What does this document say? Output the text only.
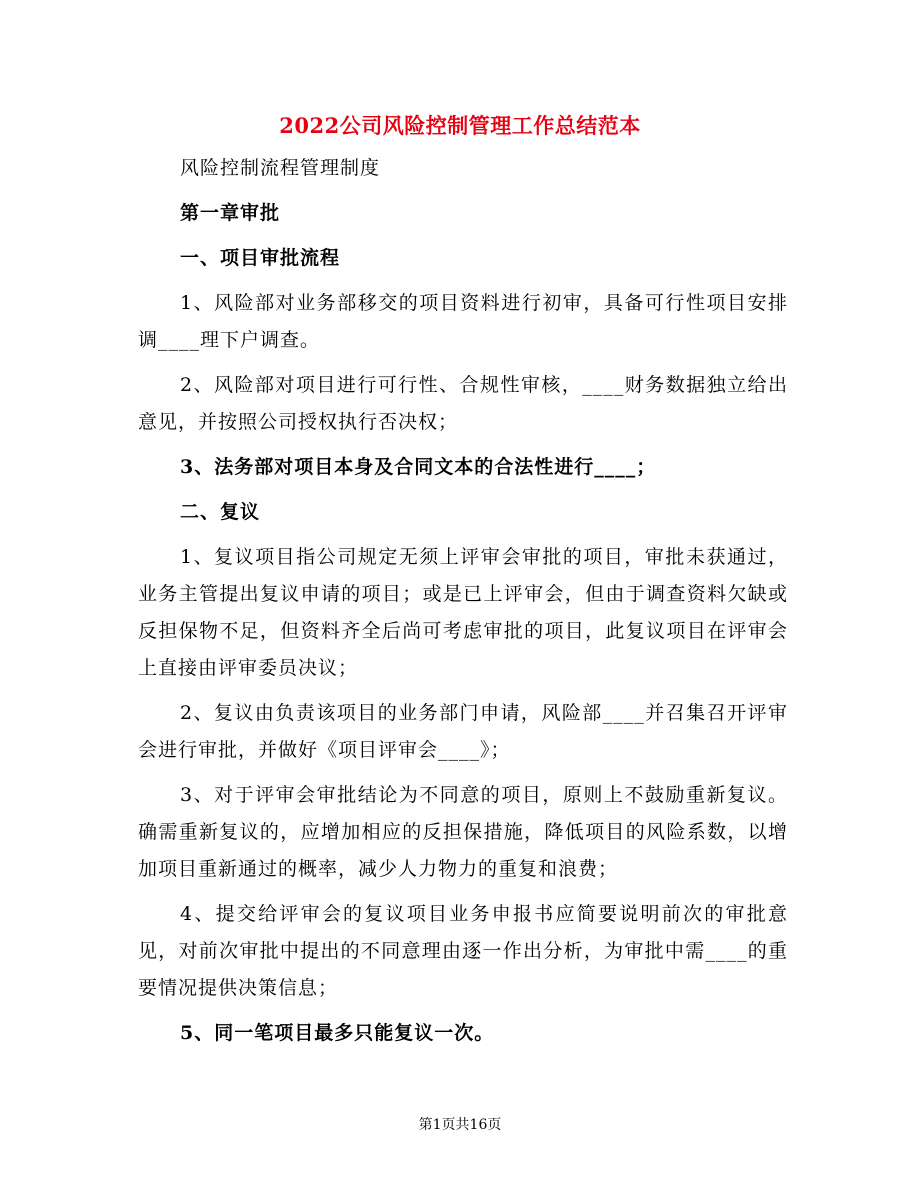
2022公司风险控制管理工作总结范本

风险控制流程管理制度

第一章审批

一、项目审批流程

1、风险部对业务部移交的项目资料进行初审，具备可行性项目安排调____理下户调查。

2、风险部对项目进行可行性、合规性审核，____财务数据独立给出意见，并按照公司授权执行否决权；

3、法务部对项目本身及合同文本的合法性进行____；

二、复议

1、复议项目指公司规定无须上评审会审批的项目，审批未获通过，业务主管提出复议申请的项目；或是已上评审会，但由于调查资料欠缺或反担保物不足，但资料齐全后尚可考虑审批的项目，此复议项目在评审会上直接由评审委员决议；

2、复议由负责该项目的业务部门申请，风险部____并召集召开评审会进行审批，并做好《项目评审会____》；

3、对于评审会审批结论为不同意的项目，原则上不鼓励重新复议。确需重新复议的，应增加相应的反担保措施，降低项目的风险系数，以增加项目重新通过的概率，减少人力物力的重复和浪费；

4、提交给评审会的复议项目业务申报书应简要说明前次的审批意见，对前次审批中提出的不同意理由逐一作出分析，为审批中需____的重要情况提供决策信息；

5、同一笔项目最多只能复议一次。

第1页共16页
